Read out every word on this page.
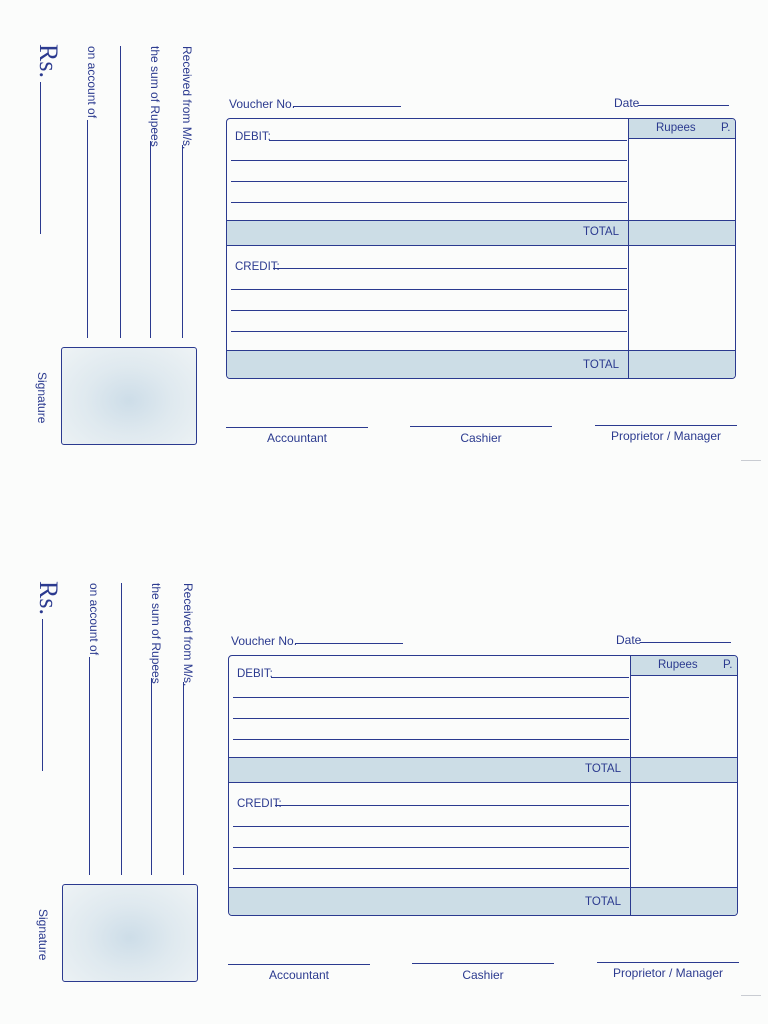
Rs.	Received from M/s.
the sum of Rupees
on account of
Signature
Voucher No.	Date
Rupees P.
DEBIT:
TOTAL
CREDIT:
TOTAL
Accountant	Cashier	Proprietor / Manager
Rs.	Received from M/s.
the sum of Rupees
on account of
Signature
Voucher No.	Date
Rupees P.
DEBIT:
TOTAL
CREDIT:
TOTAL
Accountant	Cashier	Proprietor / Manager
